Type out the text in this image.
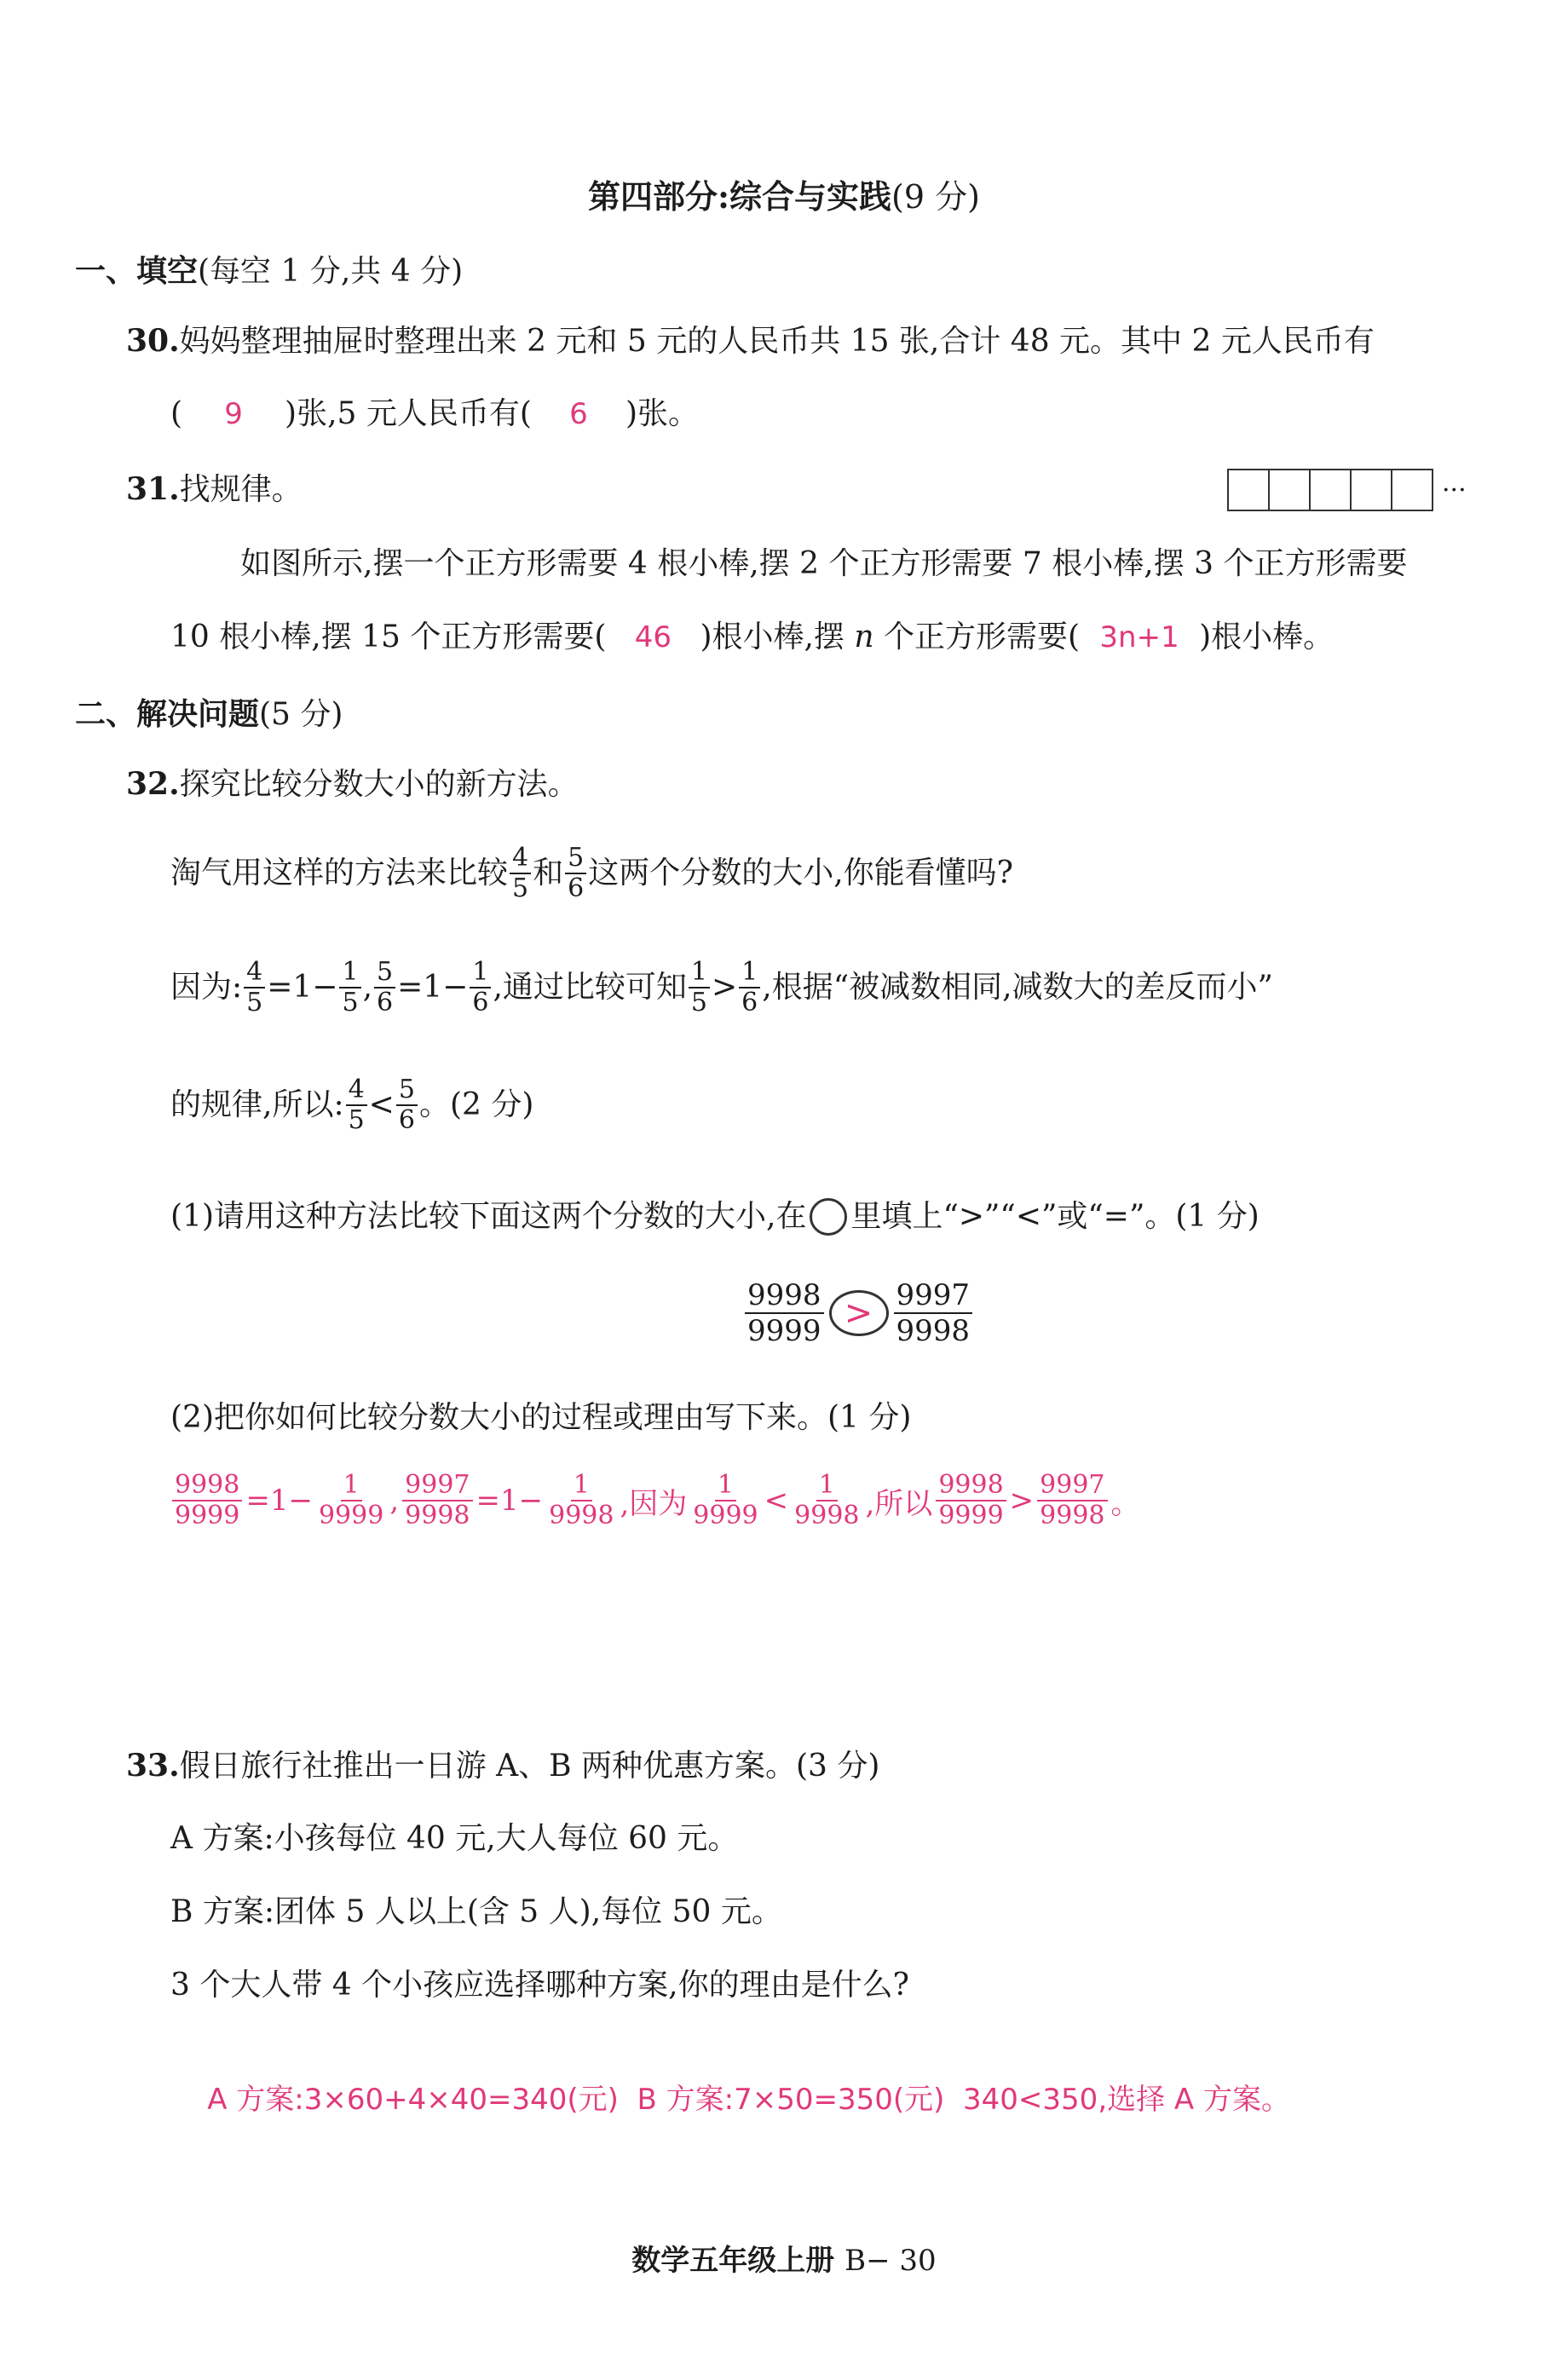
第四部分:综合与实践(9 分)
一、填空(每空 1 分,共 4 分)
30.妈妈整理抽屉时整理出来 2 元和 5 元的人民币共 15 张,合计 48 元。其中 2 元人民币有
( 9 )张,5 元人民币有( 6 )张。
31.找规律。	···
如图所示,摆一个正方形需要 4 根小棒,摆 2 个正方形需要 7 根小棒,摆 3 个正方形需要
10 根小棒,摆 15 个正方形需要( 46 )根小棒,摆 n 个正方形需要( 3n+1 )根小棒。
二、解决问题(5 分)
32.探究比较分数大小的新方法。
淘气用这样的方法来比较 $\frac{4}{5}$ 和 $\frac{5}{6}$ 这两个分数的大小,你能看懂吗?
因为: $\frac{4}{5} =1- \frac{1}{5}$ , $\frac{5}{6} =1- \frac{1}{6}$ ,通过比较可知 $\frac{1}{5} > \frac{1}{6}$ ,根据“被减数相同,减数大的差反而小”
的规律,所以: $\frac{4}{5} < \frac{5}{6}$ 。(2 分)
(1)请用这种方法比较下面这两个分数的大小,在 里填上“>”“<”或“=”。(1 分)
$\frac{9998}{9999} > \frac{9997}{9998}$
(2)把你如何比较分数大小的过程或理由写下来。(1 分)
$\frac{9998}{9999} =1- \frac{1}{9999}$ , $\frac{9997}{9998} =1- \frac{1}{9998}$ ,因为 $\frac{1}{9999} < \frac{1}{9998}$ ,所以 $\frac{9998}{9999} > \frac{9997}{9998}$ 。
33.假日旅行社推出一日游 A、B 两种优惠方案。(3 分)
A 方案:小孩每位 40 元,大人每位 60 元。
B 方案:团体 5 人以上(含 5 人),每位 50 元。
3 个大人带 4 个小孩应选择哪种方案,你的理由是什么?

A 方案:3×60+4×40=340(元)  B 方案:7×50=350(元)  340<350,选择 A 方案。

数学五年级上册 B− 30
